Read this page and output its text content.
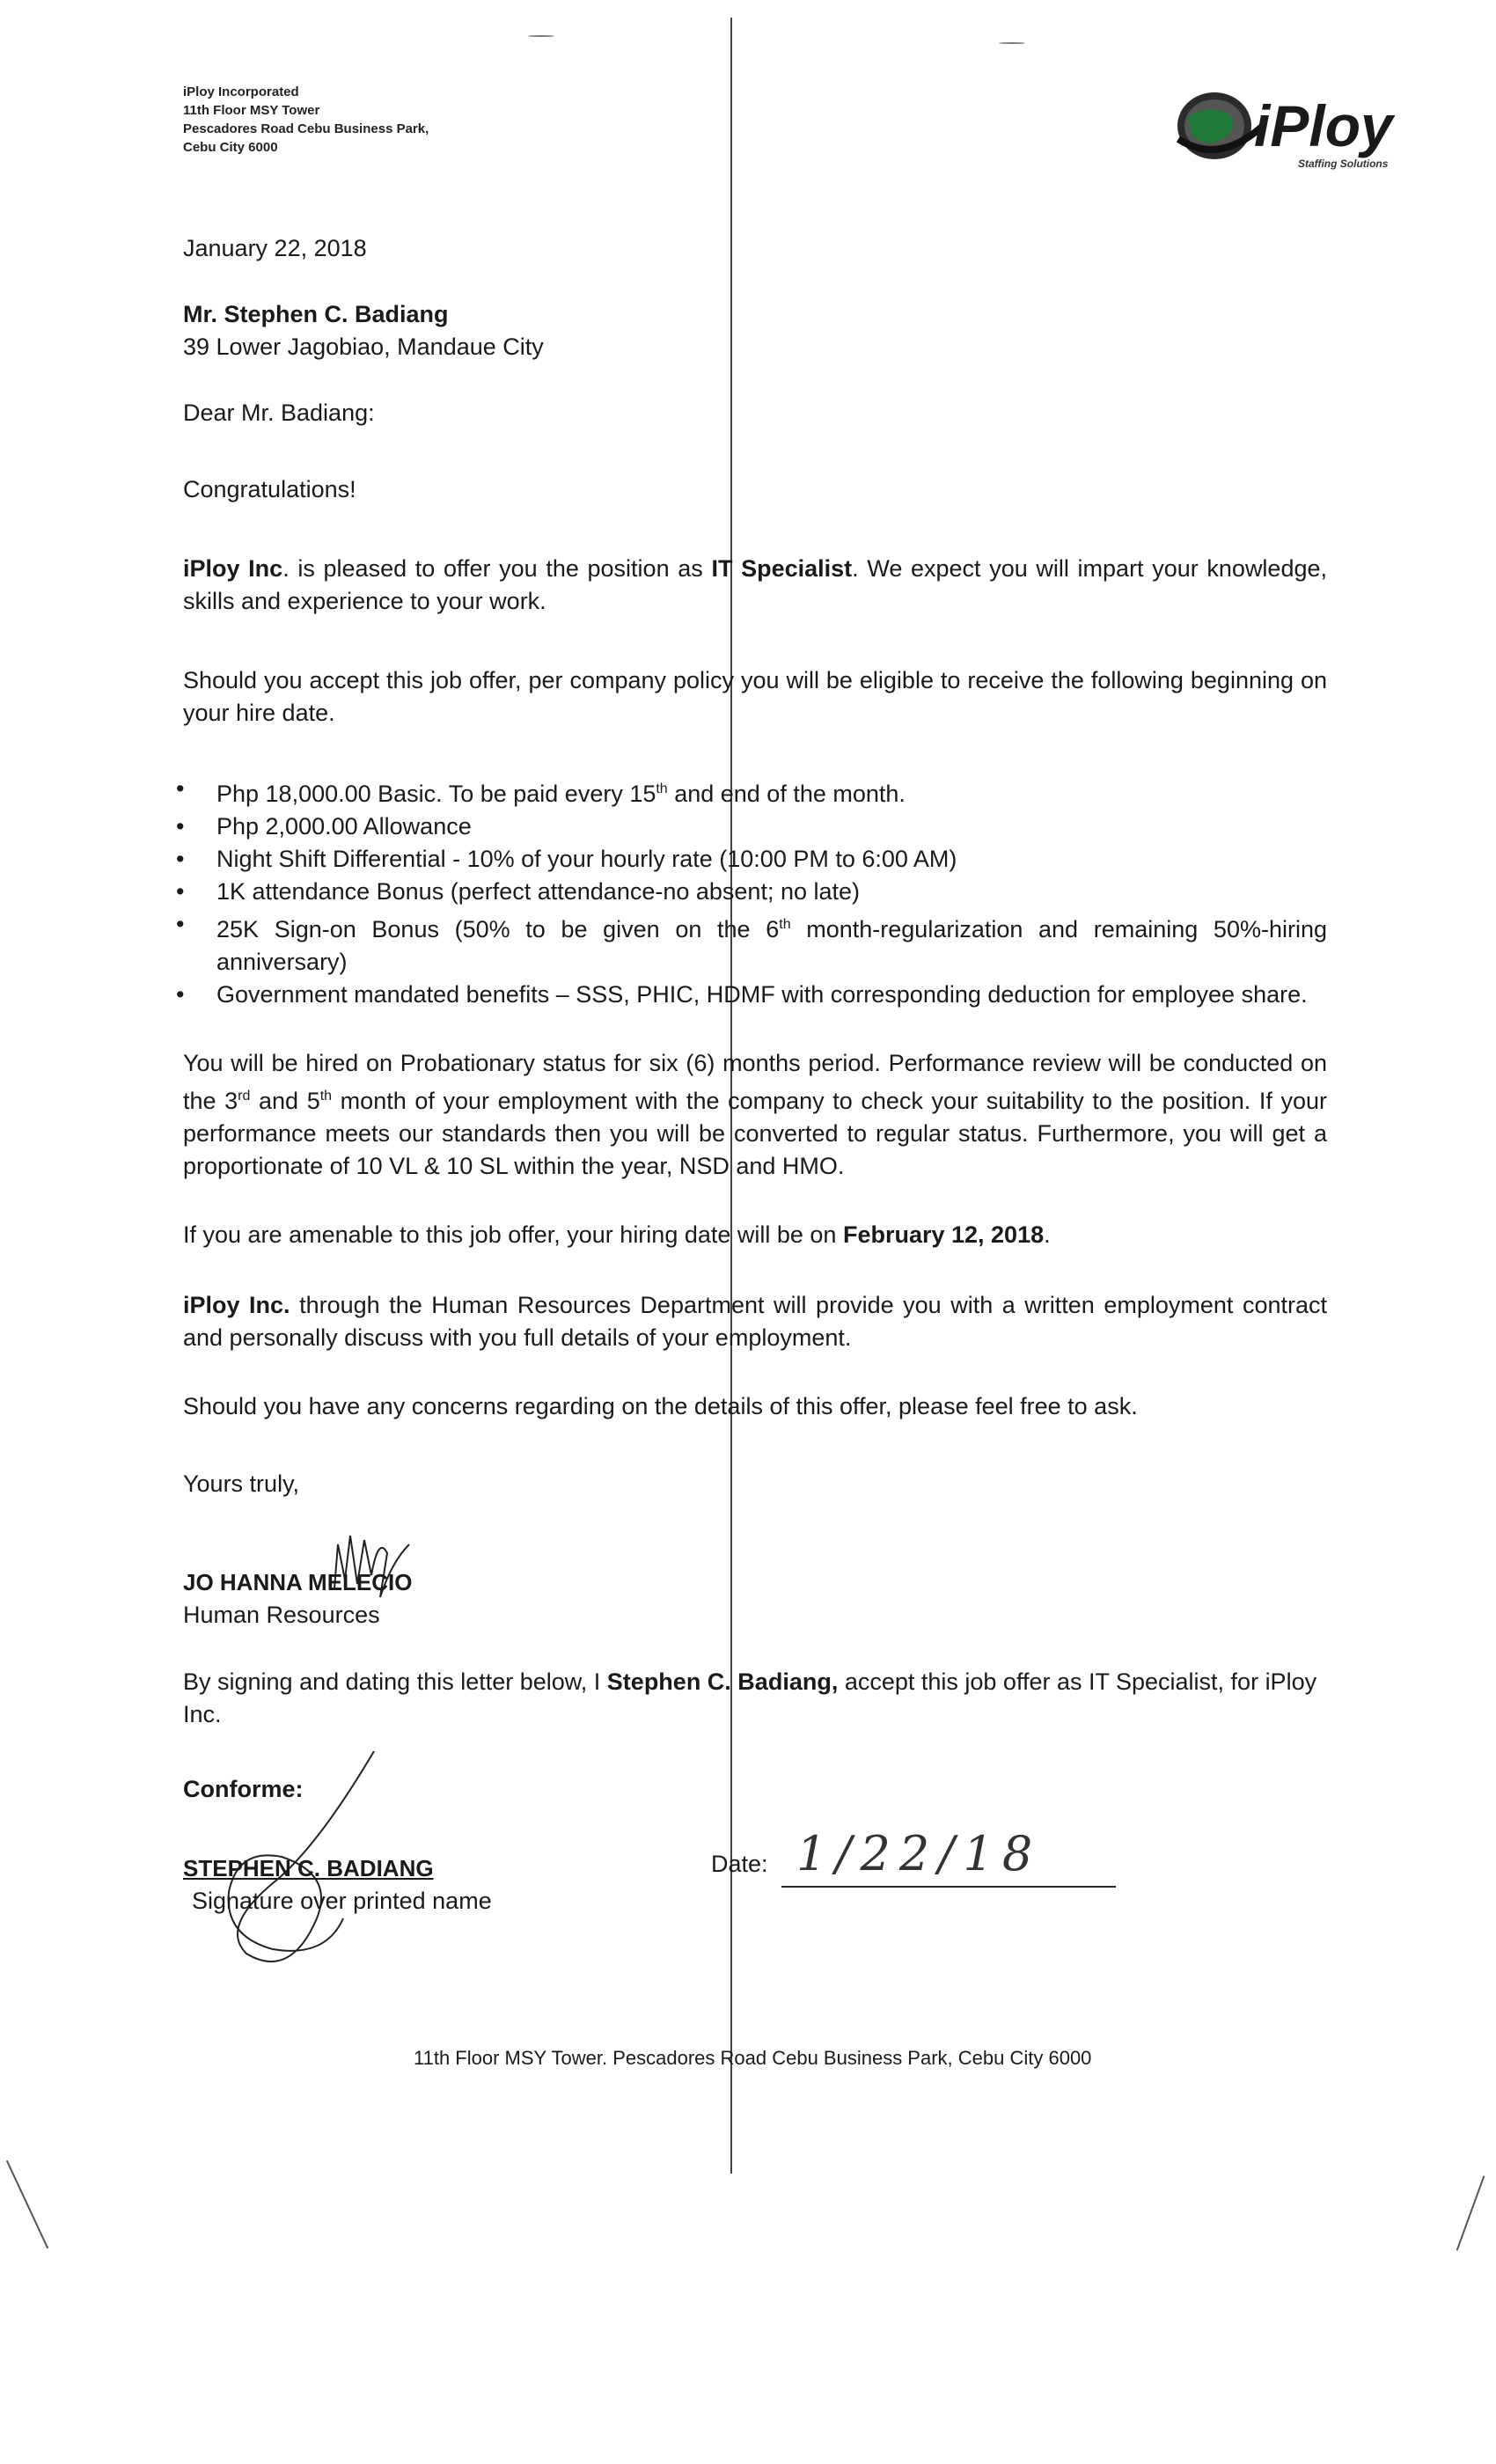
iPloy Incorporated
11th Floor MSY Tower
Pescadores Road Cebu Business Park,
Cebu City 6000	iPloy
Staffing Solutions
January 22, 2018
Mr. Stephen C. Badiang
39 Lower Jagobiao, Mandaue City
Dear Mr. Badiang:
Congratulations!
iPloy Inc. is pleased to offer you the position as IT Specialist. We expect you will impart your knowledge, skills and experience to your work.
Should you accept this job offer, per company policy you will be eligible to receive the following beginning on your hire date.
• Php 18,000.00 Basic. To be paid every 15th and end of the month.
• Php 2,000.00 Allowance
• Night Shift Differential - 10% of your hourly rate (10:00 PM to 6:00 AM)
• 1K attendance Bonus (perfect attendance-no absent; no late)
• 25K Sign-on Bonus (50% to be given on the 6th month-regularization and remaining 50%-hiring anniversary)
• Government mandated benefits – SSS, PHIC, HDMF with corresponding deduction for employee share.
You will be hired on Probationary status for six (6) months period. Performance review will be conducted on the 3rd and 5th month of your employment with the company to check your suitability to the position. If your performance meets our standards then you will be converted to regular status. Furthermore, you will get a proportionate of 10 VL & 10 SL within the year, NSD and HMO.
If you are amenable to this job offer, your hiring date will be on February 12, 2018.
iPloy Inc. through the Human Resources Department will provide you with a written employment contract and personally discuss with you full details of your employment.
Should you have any concerns regarding on the details of this offer, please feel free to ask.
Yours truly,
JO HANNA MELECIO
Human Resources
By signing and dating this letter below, I Stephen C. Badiang, accept this job offer as IT Specialist, for iPloy Inc.
Conforme:
STEPHEN C. BADIANG
Signature over printed name
Date: 1/22/18
11th Floor MSY Tower. Pescadores Road Cebu Business Park, Cebu City 6000
